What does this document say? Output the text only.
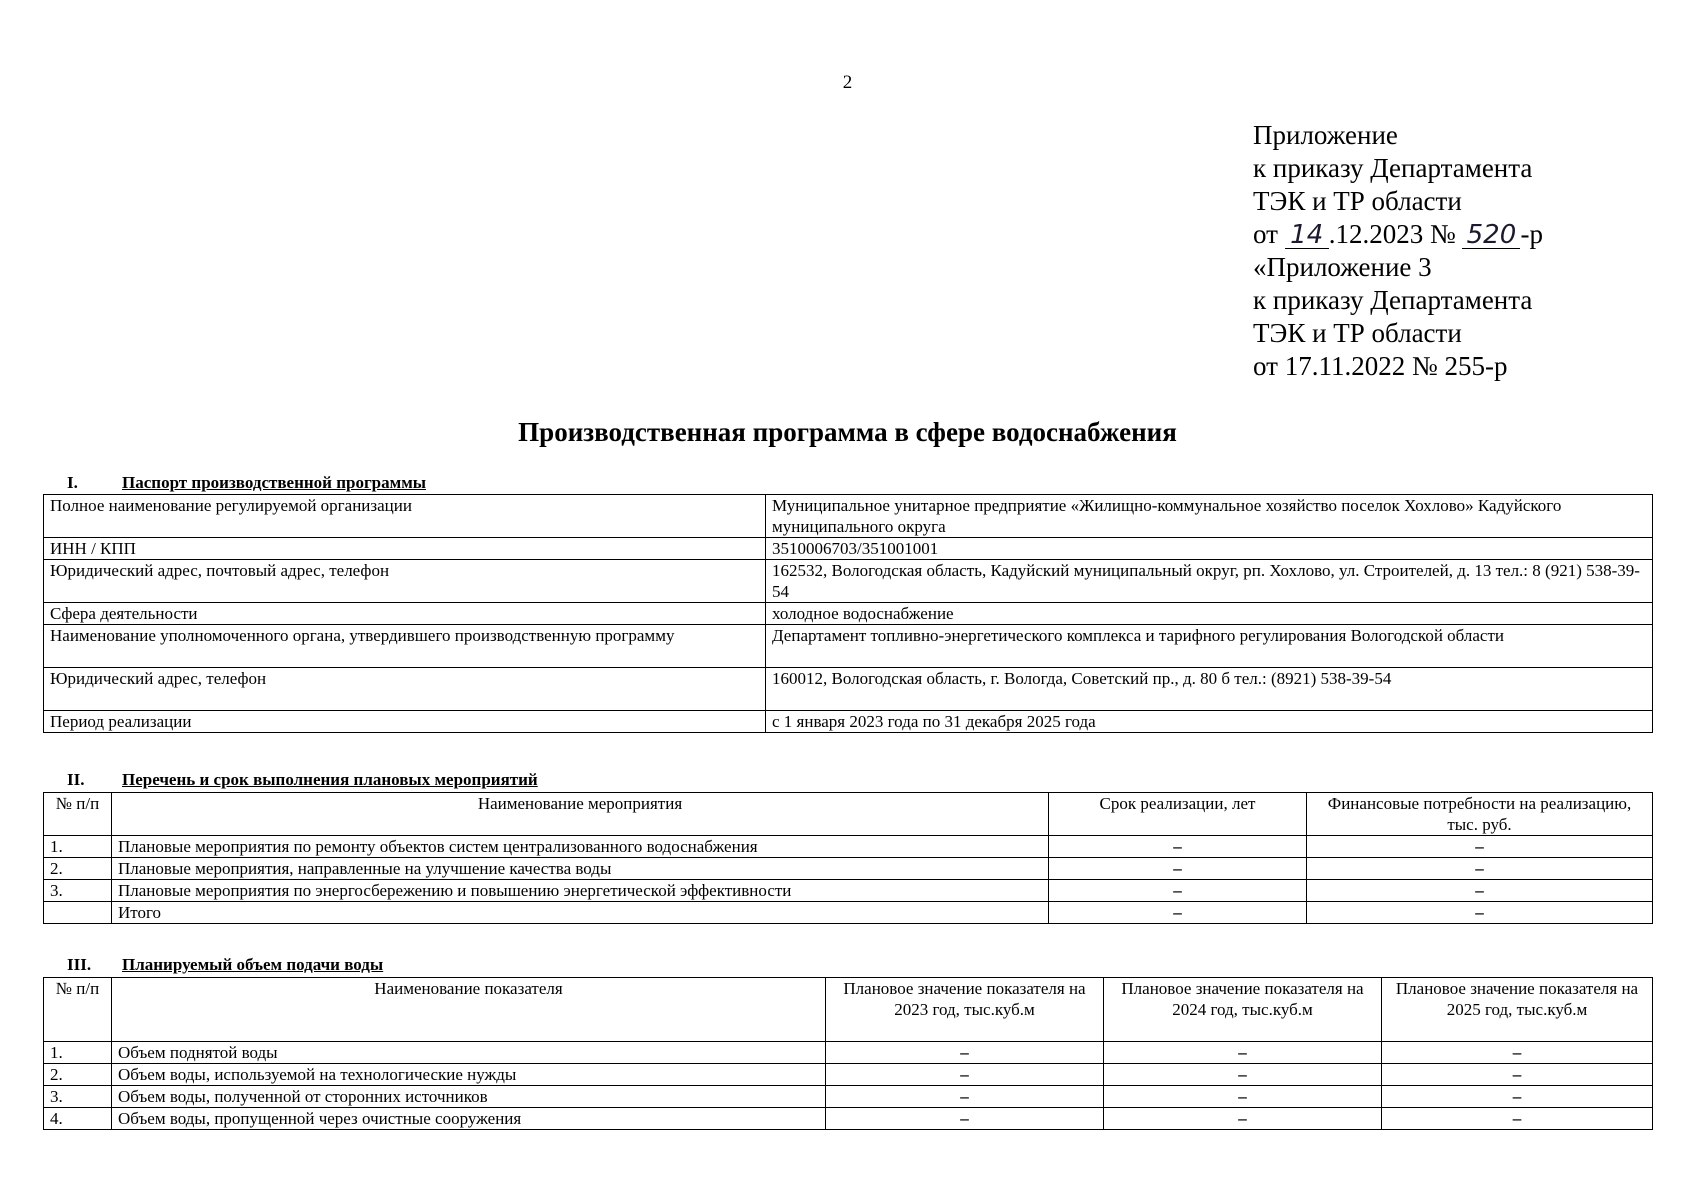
2
Приложение
к приказу Департамента
ТЭК и ТР области
от 14 .12.2023 № 520 -р
«Приложение 3
к приказу Департамента
ТЭК и ТР области
от 17.11.2022 № 255-р
Производственная программа в сфере водоснабжения
I.	Паспорт производственной программы
Полное наименование регулируемой организации	Муниципальное унитарное предприятие «Жилищно-коммунальное хозяйство поселок Хохлово» Кадуйского муниципального округа
ИНН / КПП	3510006703/351001001
Юридический адрес, почтовый адрес, телефон	162532, Вологодская область, Кадуйский муниципальный округ, рп. Хохлово, ул. Строителей, д. 13 тел.: 8 (921) 538-39-54
Сфера деятельности	холодное водоснабжение
Наименование уполномоченного органа, утвердившего производственную программу	Департамент топливно-энергетического комплекса и тарифного регулирования Вологодской области
Юридический адрес, телефон	160012, Вологодская область, г. Вологда, Советский пр., д. 80 б тел.: (8921) 538-39-54
Период реализации	с 1 января 2023 года по 31 декабря 2025 года
II. Перечень и срок выполнения плановых мероприятий
№ п/п	Наименование мероприятия	Срок реализации, лет	Финансовые потребности на реализацию, тыс. руб.
1.	Плановые мероприятия по ремонту объектов систем централизованного водоснабжения	–	–
2.	Плановые мероприятия, направленные на улучшение качества воды	–	–
3.	Плановые мероприятия по энергосбережению и повышению энергетической эффективности	–	–
	Итого	–	–
III. Планируемый объем подачи воды
№ п/п	Наименование показателя	Плановое значение показателя на 2023 год, тыс.куб.м	Плановое значение показателя на 2024 год, тыс.куб.м	Плановое значение показателя на 2025 год, тыс.куб.м
1.	Объем поднятой воды	–	–	–
2.	Объем воды, используемой на технологические нужды	–	–	–
3.	Объем воды, полученной от сторонних источников	–	–	–
4.	Объем воды, пропущенной через очистные сооружения	–	–	–
